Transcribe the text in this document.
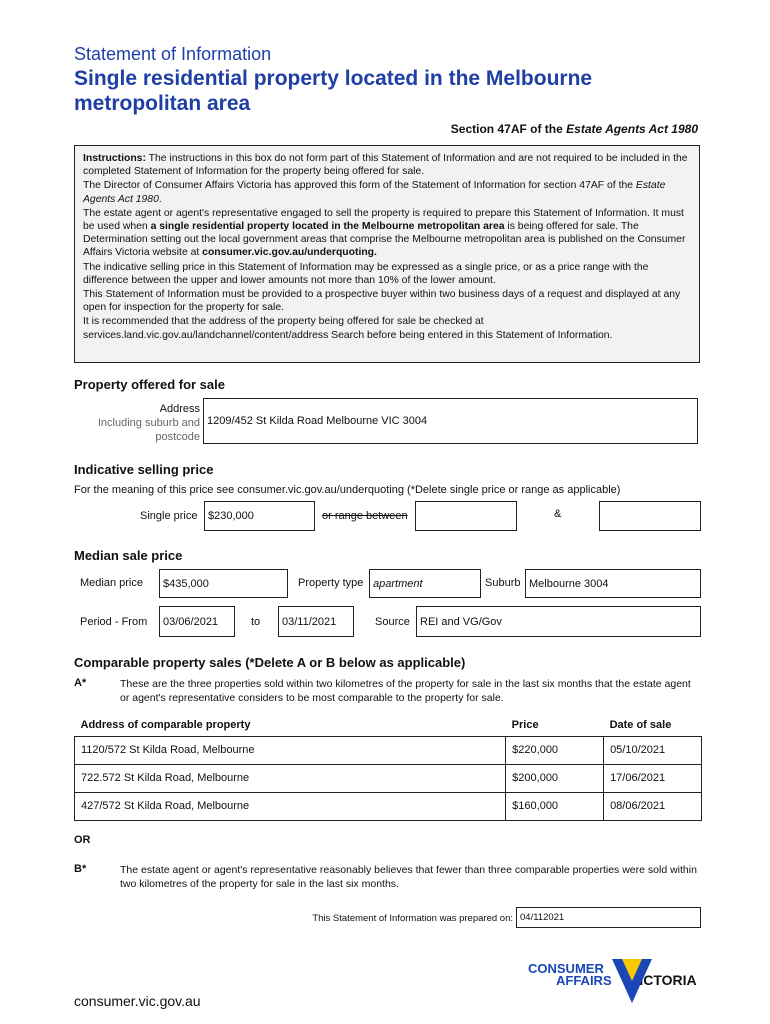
Statement of Information
Single residential property located in the Melbourne metropolitan area
Section 47AF of the Estate Agents Act 1980

Instructions: The instructions in this box do not form part of this Statement of Information and are not required to be included in the completed Statement of Information for the property being offered for sale.

The Director of Consumer Affairs Victoria has approved this form of the Statement of Information for section 47AF of the Estate Agents Act 1980.

The estate agent or agent's representative engaged to sell the property is required to prepare this Statement of Information. It must be used when a single residential property located in the Melbourne metropolitan area is being offered for sale. The Determination setting out the local government areas that comprise the Melbourne metropolitan area is published on the Consumer Affairs Victoria website at consumer.vic.gov.au/underquoting.

The indicative selling price in this Statement of Information may be expressed as a single price, or as a price range with the difference between the upper and lower amounts not more than 10% of the lower amount.

This Statement of Information must be provided to a prospective buyer within two business days of a request and displayed at any open for inspection for the property for sale.

It is recommended that the address of the property being offered for sale be checked at services.land.vic.gov.au/landchannel/content/address Search before being entered in this Statement of Information.

Property offered for sale
Address
Including suburb and
postcode
1209/452 St Kilda Road Melbourne VIC 3004
Indicative selling price
For the meaning of this price see consumer.vic.gov.au/underquoting (*Delete single price or range as applicable)
Single price $230,000	or range between	&
Median sale price
Median price	$435,000	Property type apartment	Suburb Melbourne 3004
Period - From	03/06/2021	to	03/11/2021	Source REI and VG/Gov
Comparable property sales (*Delete A or B below as applicable)
A*	These are the three properties sold within two kilometres of the property for sale in the last six months that the estate agent or agent's representative considers to be most comparable to the property for sale.
Address of comparable property	Price	Date of sale
1120/572 St Kilda Road, Melbourne	$220,000	05/10/2021
722.572 St Kilda Road, Melbourne	$200,000	17/06/2021
427/572 St Kilda Road, Melbourne	$160,000	08/06/2021
OR
B*	The estate agent or agent's representative reasonably believes that fewer than three comparable properties were sold within two kilometres of the property for sale in the last six months.
This Statement of Information was prepared on: 04/112021
consumer.vic.gov.au
CONSUMER
AFFAIRS VICTORIA
